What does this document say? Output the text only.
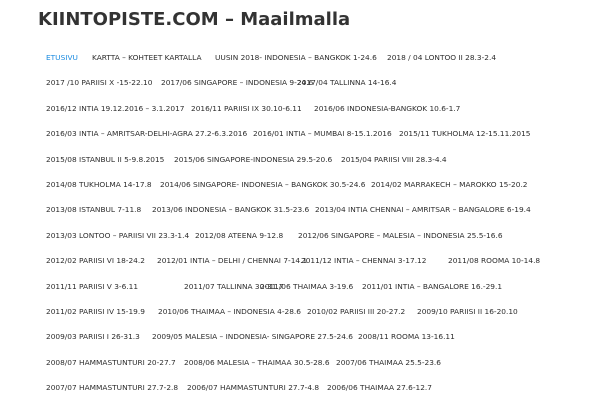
KIINTOPISTE.COM – Maailmalla
ETUSIVU KARTTA – KOHTEET KARTALLA UUSIN 2018- INDONESIA – BANGKOK 1-24.6 2018 / 04 LONTOO II 28.3-2.4
2017 /10 PARIISI X -15-22.10 2017/06 SINGAPORE – INDONESIA 9-24.6
2017/04 TALLINNA 14-16.4
2016/12 INTIA 19.12.2016 – 3.1.2017 2016/11 PARIISI IX 30.10-6.11 2016/06 INDONESIA-BANGKOK 10.6-1.7
2016/03 INTIA – AMRITSAR-DELHI-AGRA 27.2-6.3.2016 2016/01 INTIA – MUMBAI 8-15.1.2016 2015/11 TUKHOLMA 12-15.11.2015
2015/08 ISTANBUL II 5-9.8.2015 2015/06 SINGAPORE-INDONESIA 29.5-20.6 2015/04 PARIISI VIII 28.3-4.4
2014/08 TUKHOLMA 14-17.8 2014/06 SINGAPORE- INDONESIA – BANGKOK 30.5-24.6 2014/02 MARRAKECH – MAROKKO 15-20.2
2013/08 ISTANBUL 7-11.8 2013/06 INDONESIA – BANGKOK 31.5-23.6 2013/04 INTIA CHENNAI – AMRITSAR – BANGALORE 6-19.4
2013/03 LONTOO – PARIISI VII 23.3-1.4 2012/08 ATEENA 9-12.8 2012/06 SINGAPORE – MALESIA – INDONESIA 25.5-16.6
2012/02 PARIISI VI 18-24.2 2012/01 INTIA – DELHI / CHENNAI 7-14.1
2011/12 INTIA – CHENNAI 3-17.12	2011/08 ROOMA 10-14.8
2011/11 PARIISI V 3-6.11	2011/07 TALLINNA 30-31.7
2011/06 THAIMAA 3-19.6 2011/01 INTIA – BANGALORE 16.-29.1
2011/02 PARIISI IV 15-19.9 2010/06 THAIMAA – INDONESIA 4-28.6 2010/02 PARIISI III 20-27.2 2009/10 PARIISI II 16-20.10
2009/03 PARIISI I 26-31.3 2009/05 MALESIA – INDONESIA- SINGAPORE 27.5-24.6 2008/11 ROOMA 13-16.11
2008/07 HAMMASTUNTURI 20-27.7 2008/06 MALESIA – THAIMAA 30.5-28.6 2007/06 THAIMAA 25.5-23.6
2007/07 HAMMASTUNTURI 27.7-2.8 2006/07 HAMMASTUNTURI 27.7-4.8 2006/06 THAIMAA 27.6-12.7
